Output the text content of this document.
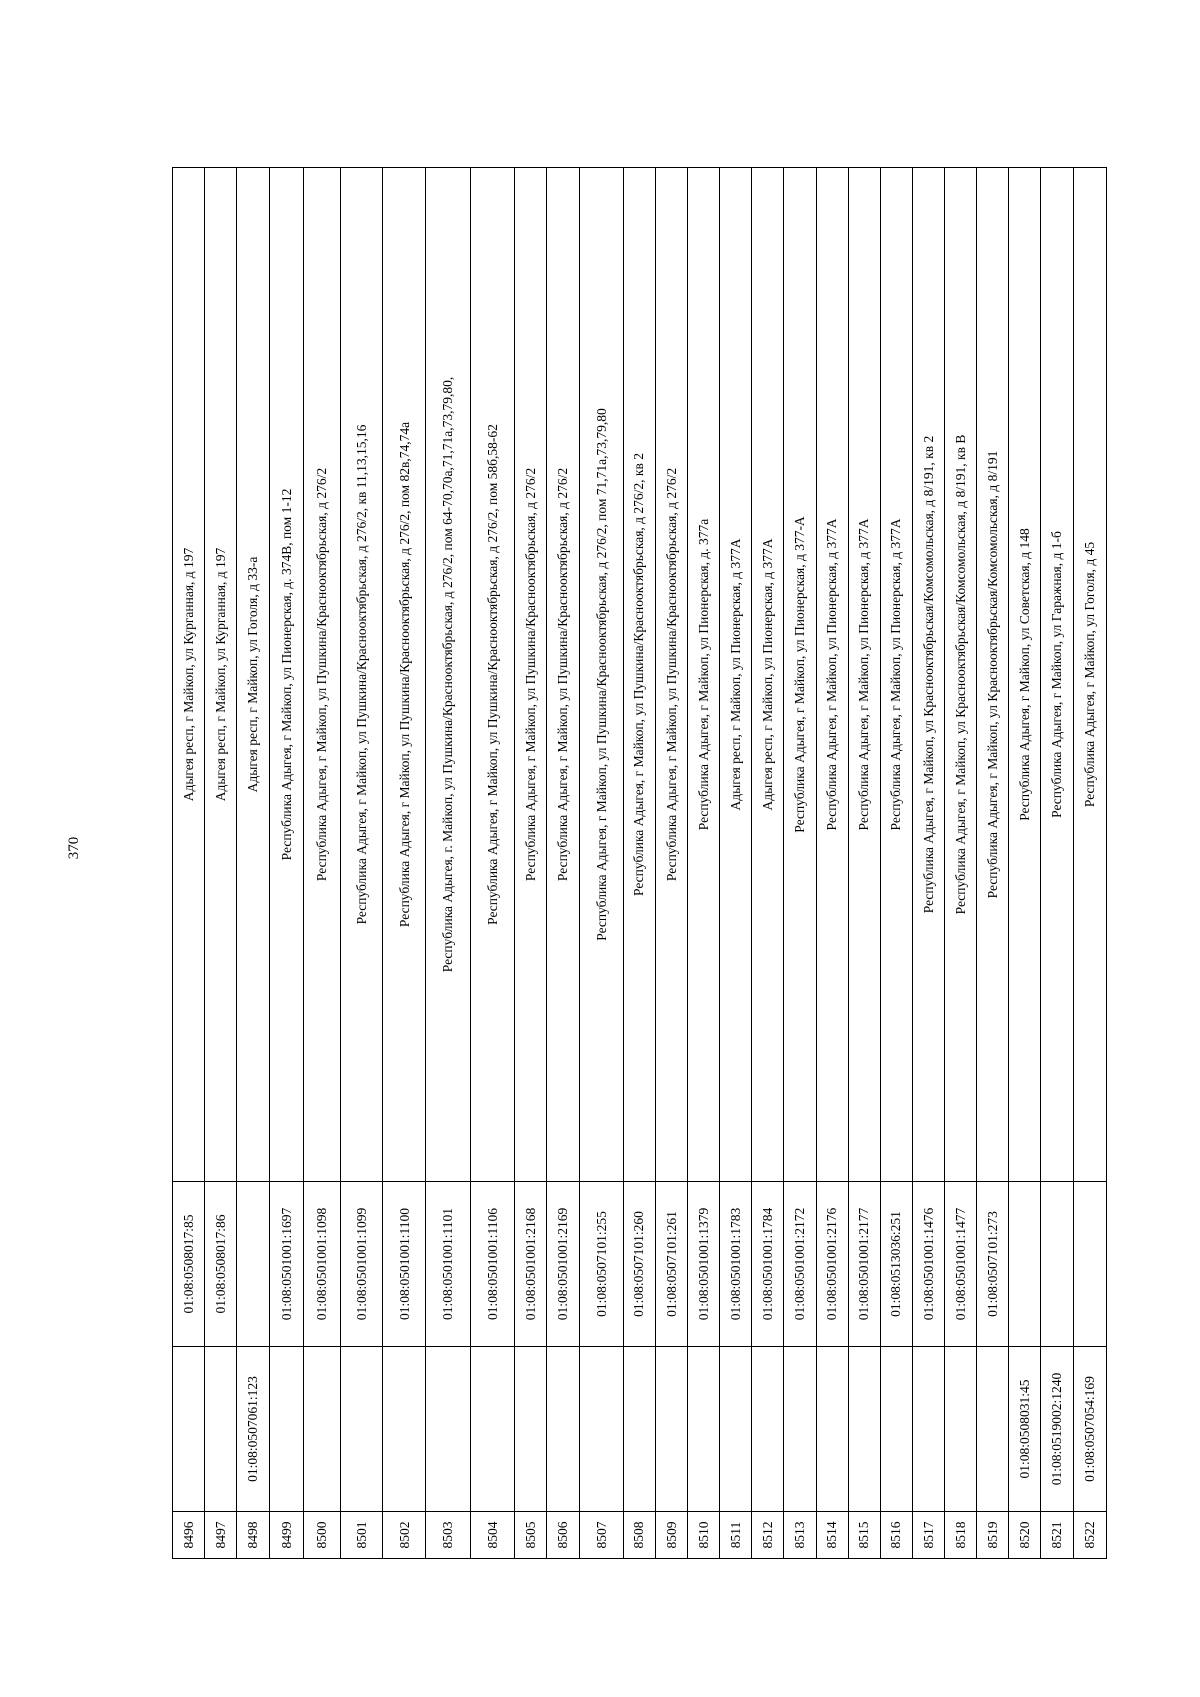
370
8496		01:08:0508017:85	Адыгея респ, г Майкоп, ул Курганная, д 197
8497		01:08:0508017:86	Адыгея респ, г Майкоп, ул Курганная, д 197
8498	01:08:0507061:123		Адыгея респ, г Майкоп, ул Гоголя, д 33-а
8499		01:08:0501001:1697	Республика Адыгея, г Майкоп, ул Пионерская, д. 374В, пом 1-12
8500		01:08:0501001:1098	Республика Адыгея, г Майкоп, ул Пушкина/Краснооктябрьская, д 276/2
8501		01:08:0501001:1099	Республика Адыгея, г Майкоп, ул Пушкина/Краснооктябрьская, д 276/2, кв 11,13,15,16
8502		01:08:0501001:1100	Республика Адыгея, г Майкоп, ул Пушкина/Краснооктябрьская, д 276/2, пом 82в,74,74а
8503		01:08:0501001:1101	Республика Адыгея, г. Майкоп, ул Пушкина/Краснооктябрьская, д 276/2, пом 64-70,70а,71,71а,73,79,80,
8504		01:08:0501001:1106	Республика Адыгея, г Майкоп, ул Пушкина/Краснооктябрьская, д 276/2, пом 58б,58-62
8505		01:08:0501001:2168	Республика Адыгея, г Майкоп, ул Пушкина/Краснооктябрьская, д 276/2
8506		01:08:0501001:2169	Республика Адыгея, г Майкоп, ул Пушкина/Краснооктябрьская, д 276/2
8507		01:08:0507101:255	Республика Адыгея, г Майкоп, ул Пушкина/Краснооктябрьская, д 276/2, пом 71,71а,73,79,80
8508		01:08:0507101:260	Республика Адыгея, г Майкоп, ул Пушкина/Краснооктябрьская, д 276/2, кв 2
8509		01:08:0507101:261	Республика Адыгея, г Майкоп, ул Пушкина/Краснооктябрьская, д 276/2
8510		01:08:0501001:1379	Республика Адыгея, г Майкоп, ул Пионерская, д. 377а
8511		01:08:0501001:1783	Адыгея респ, г Майкоп, ул Пионерская, д 377А
8512		01:08:0501001:1784	Адыгея респ, г Майкоп, ул Пионерская, д 377А
8513		01:08:0501001:2172	Республика Адыгея, г Майкоп, ул Пионерская, д 377-А
8514		01:08:0501001:2176	Республика Адыгея, г Майкоп, ул Пионерская, д 377А
8515		01:08:0501001:2177	Республика Адыгея, г Майкоп, ул Пионерская, д 377А
8516		01:08:0513036:251	Республика Адыгея, г Майкоп, ул Пионерская, д 377А
8517		01:08:0501001:1476	Республика Адыгея, г Майкоп, ул Краснооктябрьская/Комсомольская, д 8/191, кв 2
8518		01:08:0501001:1477	Республика Адыгея, г Майкоп, ул Краснооктябрьская/Комсомольская, д 8/191, кв В
8519		01:08:0507101:273	Республика Адыгея, г Майкоп, ул Краснооктябрьская/Комсомольская, д 8/191
8520	01:08:0508031:45		Республика Адыгея, г Майкоп, ул Советская, д 148
8521	01:08:0519002:1240		Республика Адыгея, г Майкоп, ул Гаражная, д 1-б
8522	01:08:0507054:169		Республика Адыгея, г Майкоп, ул Гоголя, д 45
